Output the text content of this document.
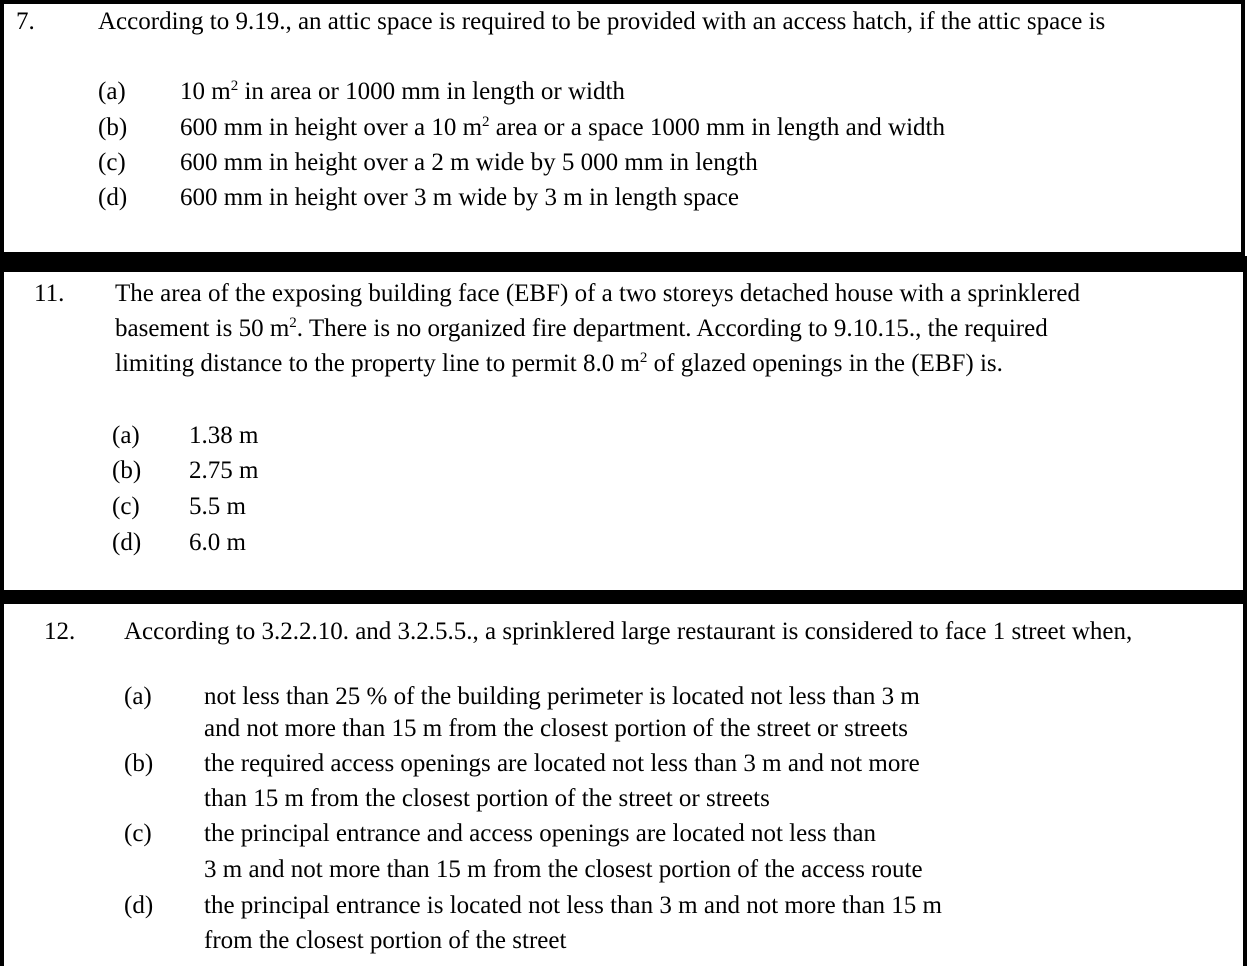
7.	According to 9.19., an attic space is required to be provided with an access hatch, if the attic space is
(a) 10 $m^2$ in area or 1000 mm in length or width
(b) 600 mm in height over a 10 $m^2$ area or a space 1000 mm in length and width
(c) 600 mm in height over a 2 m wide by 5 000 mm in length
(d) 600 mm in height over 3 m wide by 3 m in length space
11. The area of the exposing building face (EBF) of a two storeys detached house with a sprinklered
basement is 50 $m^2$. There is no organized fire department. According to 9.10.15., the required
limiting distance to the property line to permit 8.0 $m^2$ of glazed openings in the (EBF) is.
(a) 1.38 m
(b) 2.75 m
(c) 5.5 m
(d) 6.0 m
12. According to 3.2.2.10. and 3.2.5.5., a sprinklered large restaurant is considered to face 1 street when,
(a) not less than 25 % of the building perimeter is located not less than 3 m
and not more than 15 m from the closest portion of the street or streets
(b) the required access openings are located not less than 3 m and not more
than 15 m from the closest portion of the street or streets
(c) the principal entrance and access openings are located not less than
3 m and not more than 15 m from the closest portion of the access route
(d) the principal entrance is located not less than 3 m and not more than 15 m
from the closest portion of the street
